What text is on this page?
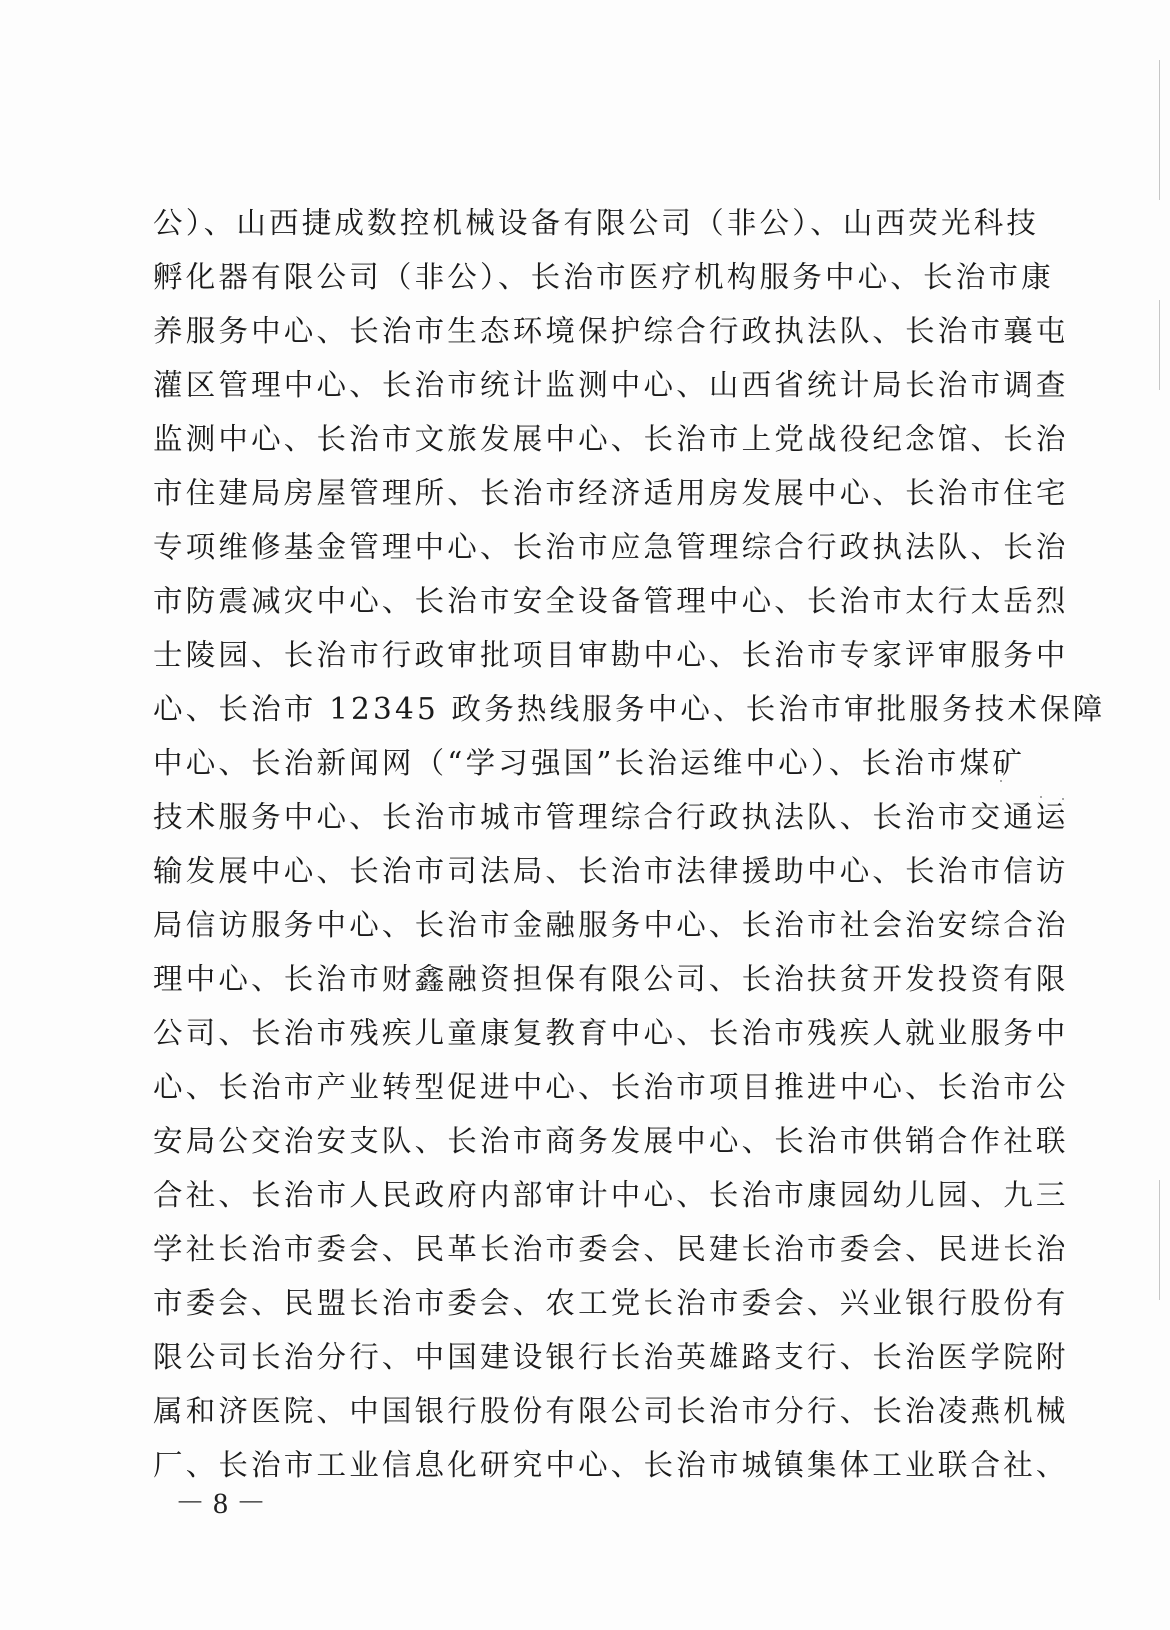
公）、山西捷成数控机械设备有限公司（非公）、山西荧光科技
孵化器有限公司（非公）、长治市医疗机构服务中心、长治市康
养服务中心、长治市生态环境保护综合行政执法队、长治市襄屯
灌区管理中心、长治市统计监测中心、山西省统计局长治市调查
监测中心、长治市文旅发展中心、长治市上党战役纪念馆、长治
市住建局房屋管理所、长治市经济适用房发展中心、长治市住宅
专项维修基金管理中心、长治市应急管理综合行政执法队、长治
市防震减灾中心、长治市安全设备管理中心、长治市太行太岳烈
士陵园、长治市行政审批项目审勘中心、长治市专家评审服务中
心、长治市 12345 政务热线服务中心、长治市审批服务技术保障
中心、长治新闻网（“学习强国”长治运维中心）、长治市煤矿
技术服务中心、长治市城市管理综合行政执法队、长治市交通运
输发展中心、长治市司法局、长治市法律援助中心、长治市信访
局信访服务中心、长治市金融服务中心、长治市社会治安综合治
理中心、长治市财鑫融资担保有限公司、长治扶贫开发投资有限
公司、长治市残疾儿童康复教育中心、长治市残疾人就业服务中
心、长治市产业转型促进中心、长治市项目推进中心、长治市公
安局公交治安支队、长治市商务发展中心、长治市供销合作社联
合社、长治市人民政府内部审计中心、长治市康园幼儿园、九三
学社长治市委会、民革长治市委会、民建长治市委会、民进长治
市委会、民盟长治市委会、农工党长治市委会、兴业银行股份有
限公司长治分行、中国建设银行长治英雄路支行、长治医学院附
属和济医院、中国银行股份有限公司长治市分行、长治凌燕机械
厂、长治市工业信息化研究中心、长治市城镇集体工业联合社、
－8－
